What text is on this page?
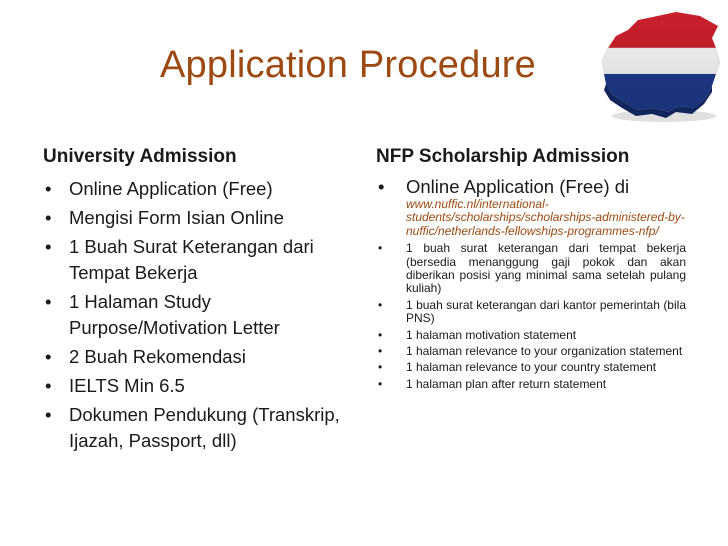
Application Procedure
University Admission
• Online Application (Free)
• Mengisi Form Isian Online
• 1 Buah Surat Keterangan dari Tempat Bekerja
• 1 Halaman Study Purpose/Motivation Letter
• 2 Buah Rekomendasi
• IELTS Min 6.5
• Dokumen Pendukung (Transkrip, Ijazah, Passport, dll)
NFP Scholarship Admission
• Online Application (Free) di
www.nuffic.nl/international-students/scholarships/scholarships-administered-by-nuffic/netherlands-fellowships-programmes-nfp/
• 1 buah surat keterangan dari tempat bekerja (bersedia menanggung gaji pokok dan akan diberikan posisi yang minimal sama setelah pulang kuliah)
• 1 buah surat keterangan dari kantor pemerintah (bila PNS)
• 1 halaman motivation statement
• 1 halaman relevance to your organization statement
• 1 halaman relevance to your country statement
• 1 halaman plan after return statement
